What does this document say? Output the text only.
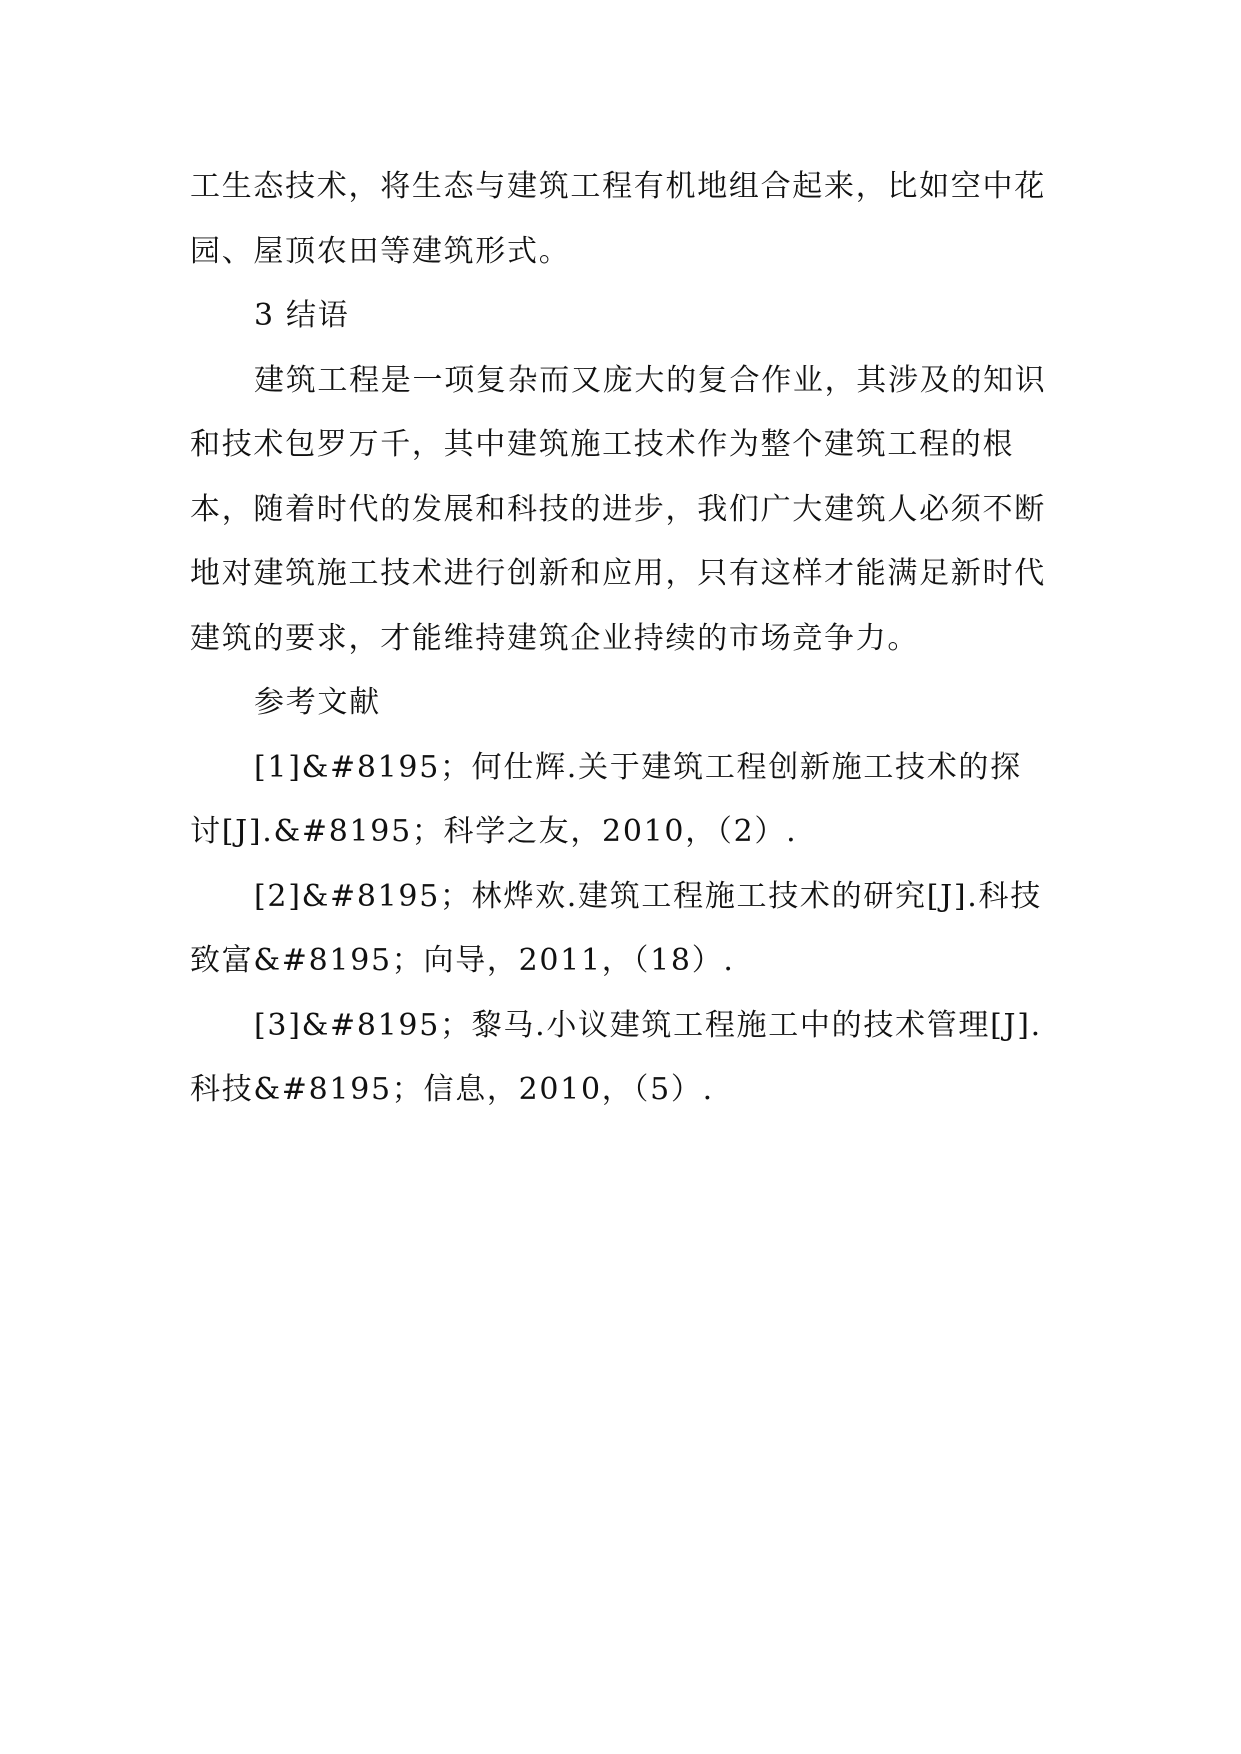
工生态技术，将生态与建筑工程有机地组合起来，比如空中花园、屋顶农田等建筑形式。

3 结语

建筑工程是一项复杂而又庞大的复合作业，其涉及的知识和技术包罗万千，其中建筑施工技术作为整个建筑工程的根本，随着时代的发展和科技的进步，我们广大建筑人必须不断地对建筑施工技术进行创新和应用，只有这样才能满足新时代建筑的要求，才能维持建筑企业持续的市场竞争力。

参考文献

[1]&#8195；何仕辉.关于建筑工程创新施工技术的探讨[J].&#8195；科学之友，2010，（2）.

[2]&#8195；林烨欢.建筑工程施工技术的研究[J].科技致富&#8195；向导，2011，（18）.

[3]&#8195；黎马.小议建筑工程施工中的技术管理[J].科技&#8195；信息，2010，（5）.
